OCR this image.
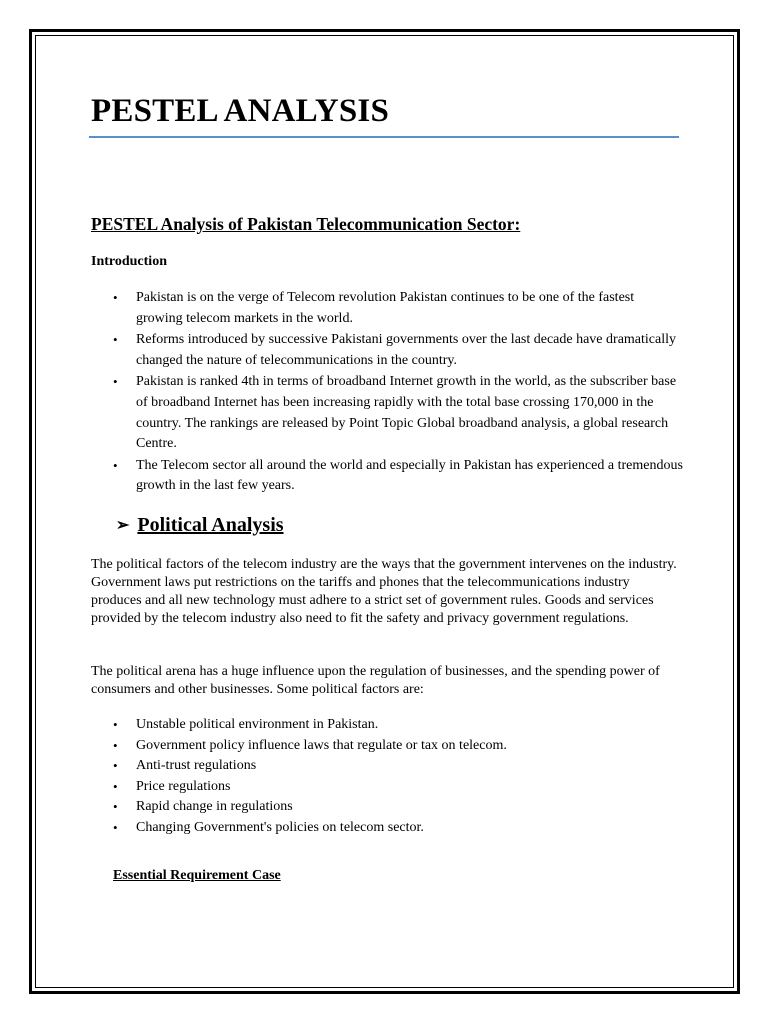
PESTEL ANALYSIS
PESTEL Analysis of Pakistan Telecommunication Sector:
Introduction
• Pakistan is on the verge of Telecom revolution Pakistan continues to be one of the fastest growing telecom markets in the world.
• Reforms introduced by successive Pakistani governments over the last decade have dramatically changed the nature of telecommunications in the country.
• Pakistan is ranked 4th in terms of broadband Internet growth in the world, as the subscriber base of broadband Internet has been increasing rapidly with the total base crossing 170,000 in the country. The rankings are released by Point Topic Global broadband analysis, a global research Centre.
• The Telecom sector all around the world and especially in Pakistan has experienced a tremendous growth in the last few years.
➢ Political Analysis

The political factors of the telecom industry are the ways that the government intervenes on the industry. Government laws put restrictions on the tariffs and phones that the telecommunications industry produces and all new technology must adhere to a strict set of government rules. Goods and services provided by the telecom industry also need to fit the safety and privacy government regulations.

The political arena has a huge influence upon the regulation of businesses, and the spending power of consumers and other businesses. Some political factors are:

• Unstable political environment in Pakistan.
• Government policy influence laws that regulate or tax on telecom.
• Anti-trust regulations
• Price regulations
• Rapid change in regulations
• Changing Government's policies on telecom sector.
Essential Requirement Case
